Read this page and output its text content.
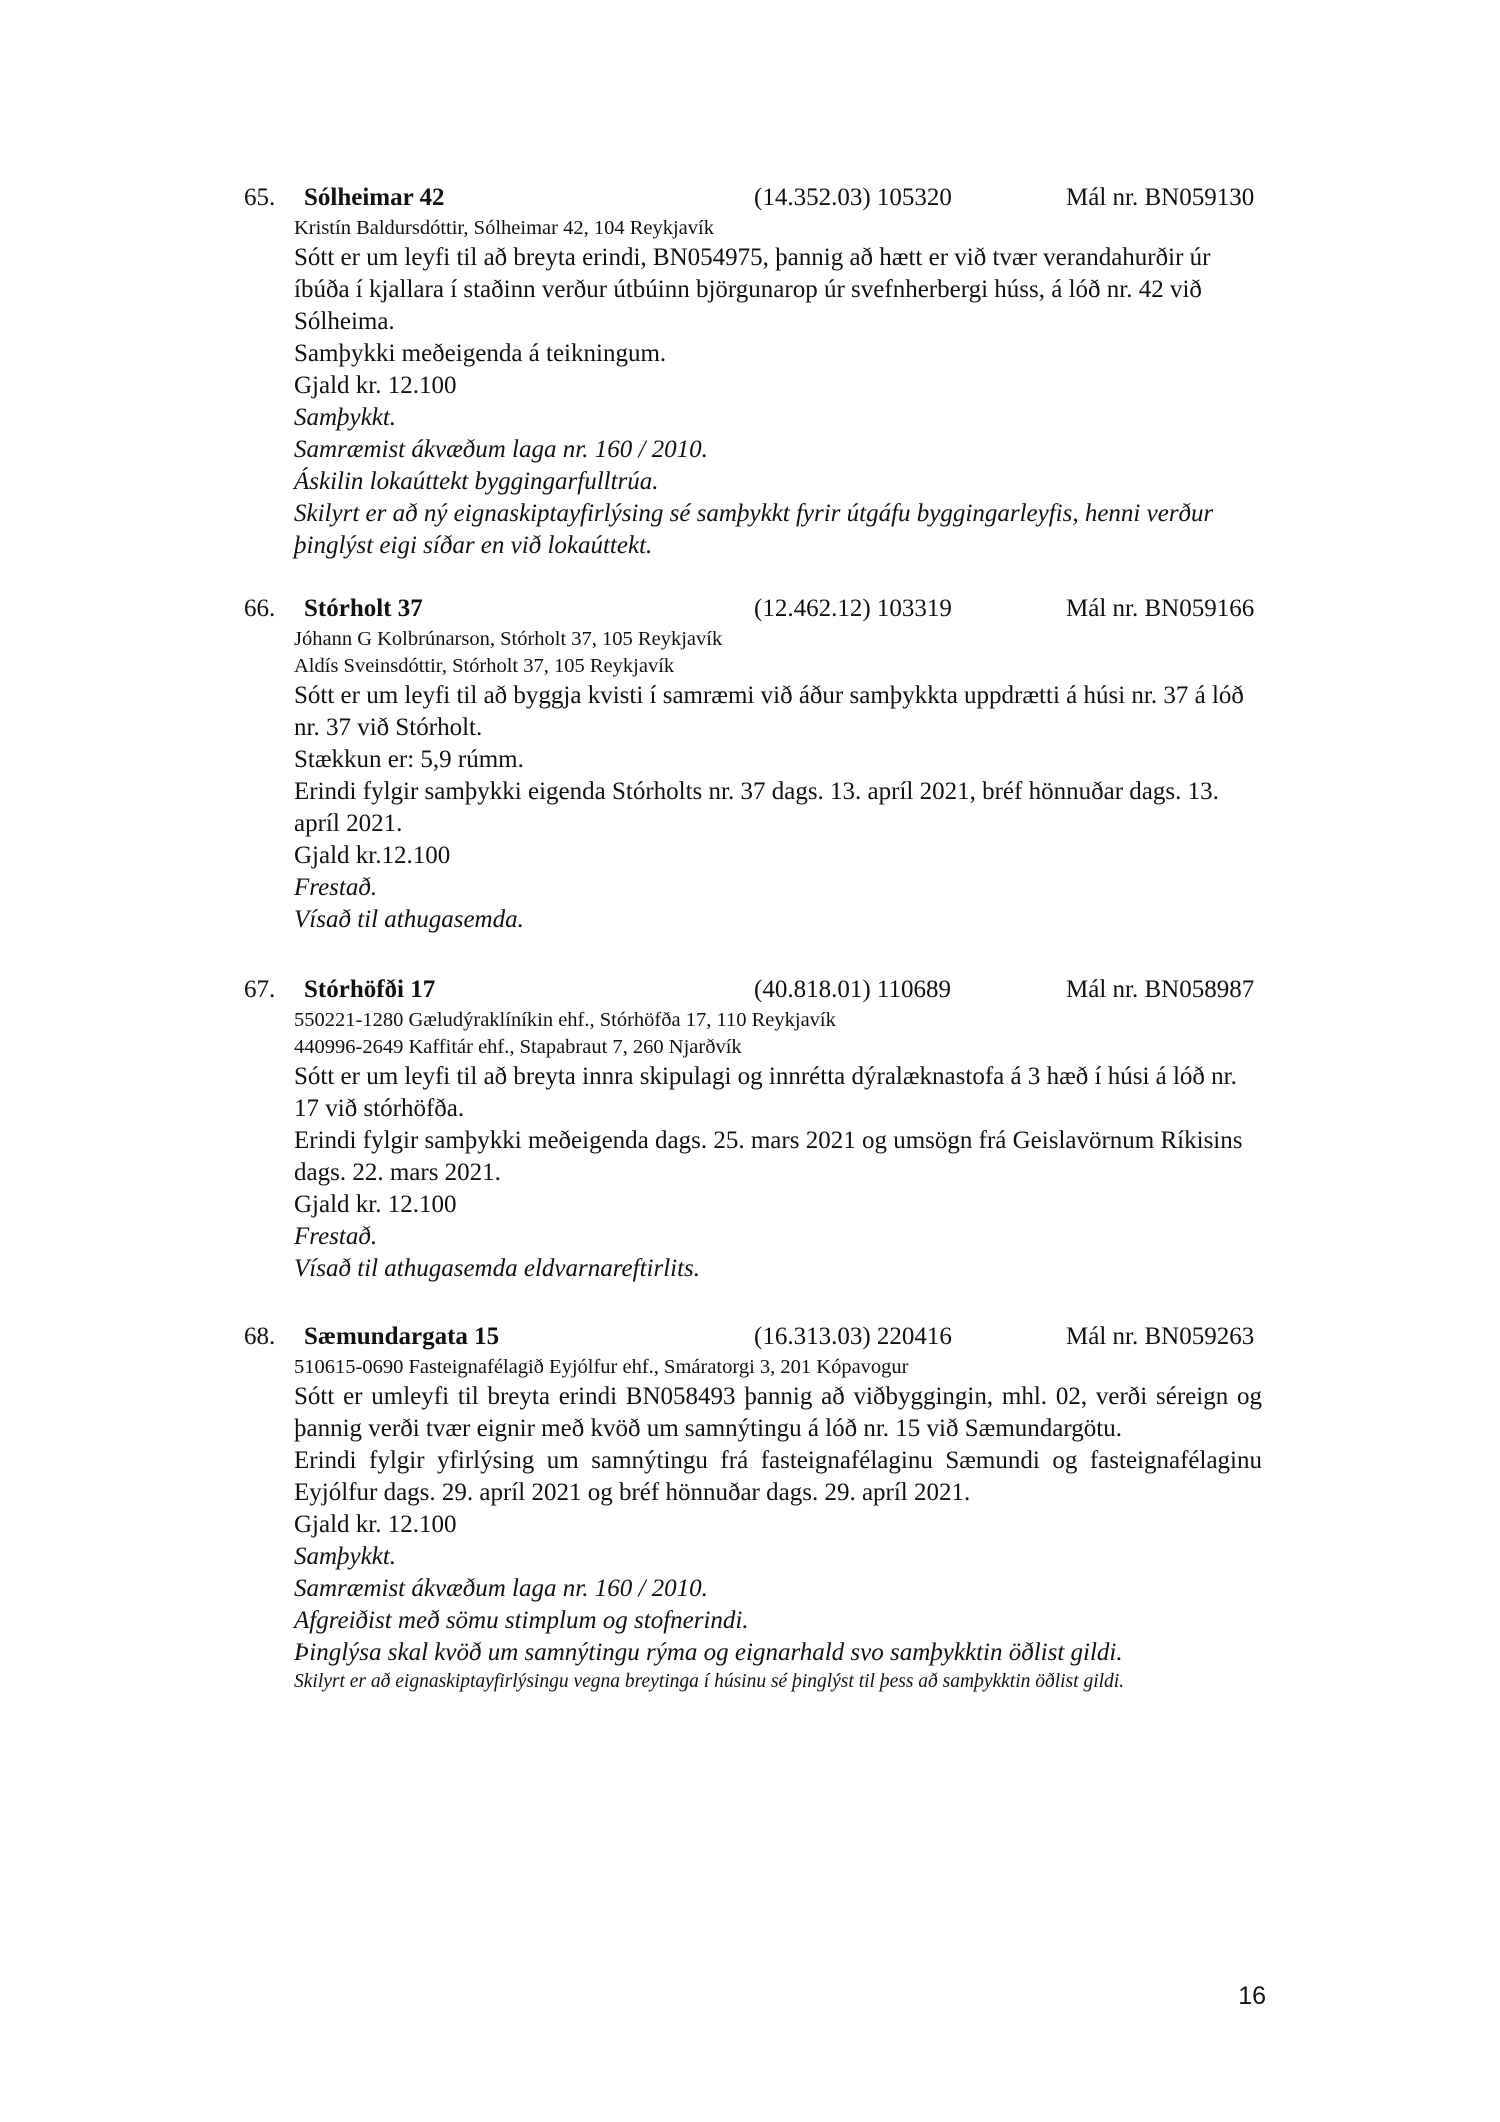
65. Sólheimar 42	(14.352.03) 105320	Mál nr. BN059130
Kristín Baldursdóttir, Sólheimar 42, 104 Reykjavík
Sótt er um leyfi til að breyta erindi, BN054975, þannig að hætt er við tvær verandahurðir úr íbúða í kjallara í staðinn verður útbúinn björgunarop úr svefnherbergi húss, á lóð nr. 42 við Sólheima.
Samþykki meðeigenda á teikningum.
Gjald kr. 12.100
Samþykkt.
Samræmist ákvæðum laga nr. 160 / 2010.
Áskilin lokaúttekt byggingarfulltrúa.
Skilyrt er að ný eignaskiptayfirlýsing sé samþykkt fyrir útgáfu byggingarleyfis, henni verður þinglýst eigi síðar en við lokaúttekt.
66. Stórholt 37	(12.462.12) 103319	Mál nr. BN059166
Jóhann G Kolbrúnarson, Stórholt 37, 105 Reykjavík
Aldís Sveinsdóttir, Stórholt 37, 105 Reykjavík
Sótt er um leyfi til að byggja kvisti í samræmi við áður samþykkta uppdrætti á húsi nr. 37 á lóð nr. 37 við Stórholt.
Stækkun er: 5,9 rúmm.
Erindi fylgir samþykki eigenda Stórholts nr. 37 dags. 13. apríl 2021, bréf hönnuðar dags. 13. apríl 2021.
Gjald kr.12.100
Frestað.
Vísað til athugasemda.
67. Stórhöfði 17	(40.818.01) 110689	Mál nr. BN058987
550221-1280 Gæludýraklíníkin ehf., Stórhöfða 17, 110 Reykjavík
440996-2649 Kaffitár ehf., Stapabraut 7, 260 Njarðvík
Sótt er um leyfi til að breyta innra skipulagi og innrétta dýralæknastofa á 3 hæð í húsi á lóð nr. 17 við stórhöfða.
Erindi fylgir samþykki meðeigenda dags. 25. mars 2021 og umsögn frá Geislavörnum Ríkisins dags. 22. mars 2021.
Gjald kr. 12.100
Frestað.
Vísað til athugasemda eldvarnareftirlits.
68. Sæmundargata 15	(16.313.03) 220416	Mál nr. BN059263
510615-0690 Fasteignafélagið Eyjólfur ehf., Smáratorgi 3, 201 Kópavogur
Sótt er umleyfi til breyta erindi BN058493 þannig að viðbyggingin, mhl. 02, verði séreign og þannig verði tvær eignir með kvöð um samnýtingu á lóð nr. 15 við Sæmundargötu.
Erindi fylgir yfirlýsing um samnýtingu frá fasteignafélaginu Sæmundi og fasteignafélaginu Eyjólfur dags. 29. apríl 2021 og bréf hönnuðar dags. 29. apríl 2021.
Gjald kr. 12.100
Samþykkt.
Samræmist ákvæðum laga nr. 160 / 2010.
Afgreiðist með sömu stimplum og stofnerindi.
Þinglýsa skal kvöð um samnýtingu rýma og eignarhald svo samþykktin öðlist gildi.
Skilyrt er að eignaskiptayfirlýsingu vegna breytinga í húsinu sé þinglýst til þess að samþykktin öðlist gildi.
16
